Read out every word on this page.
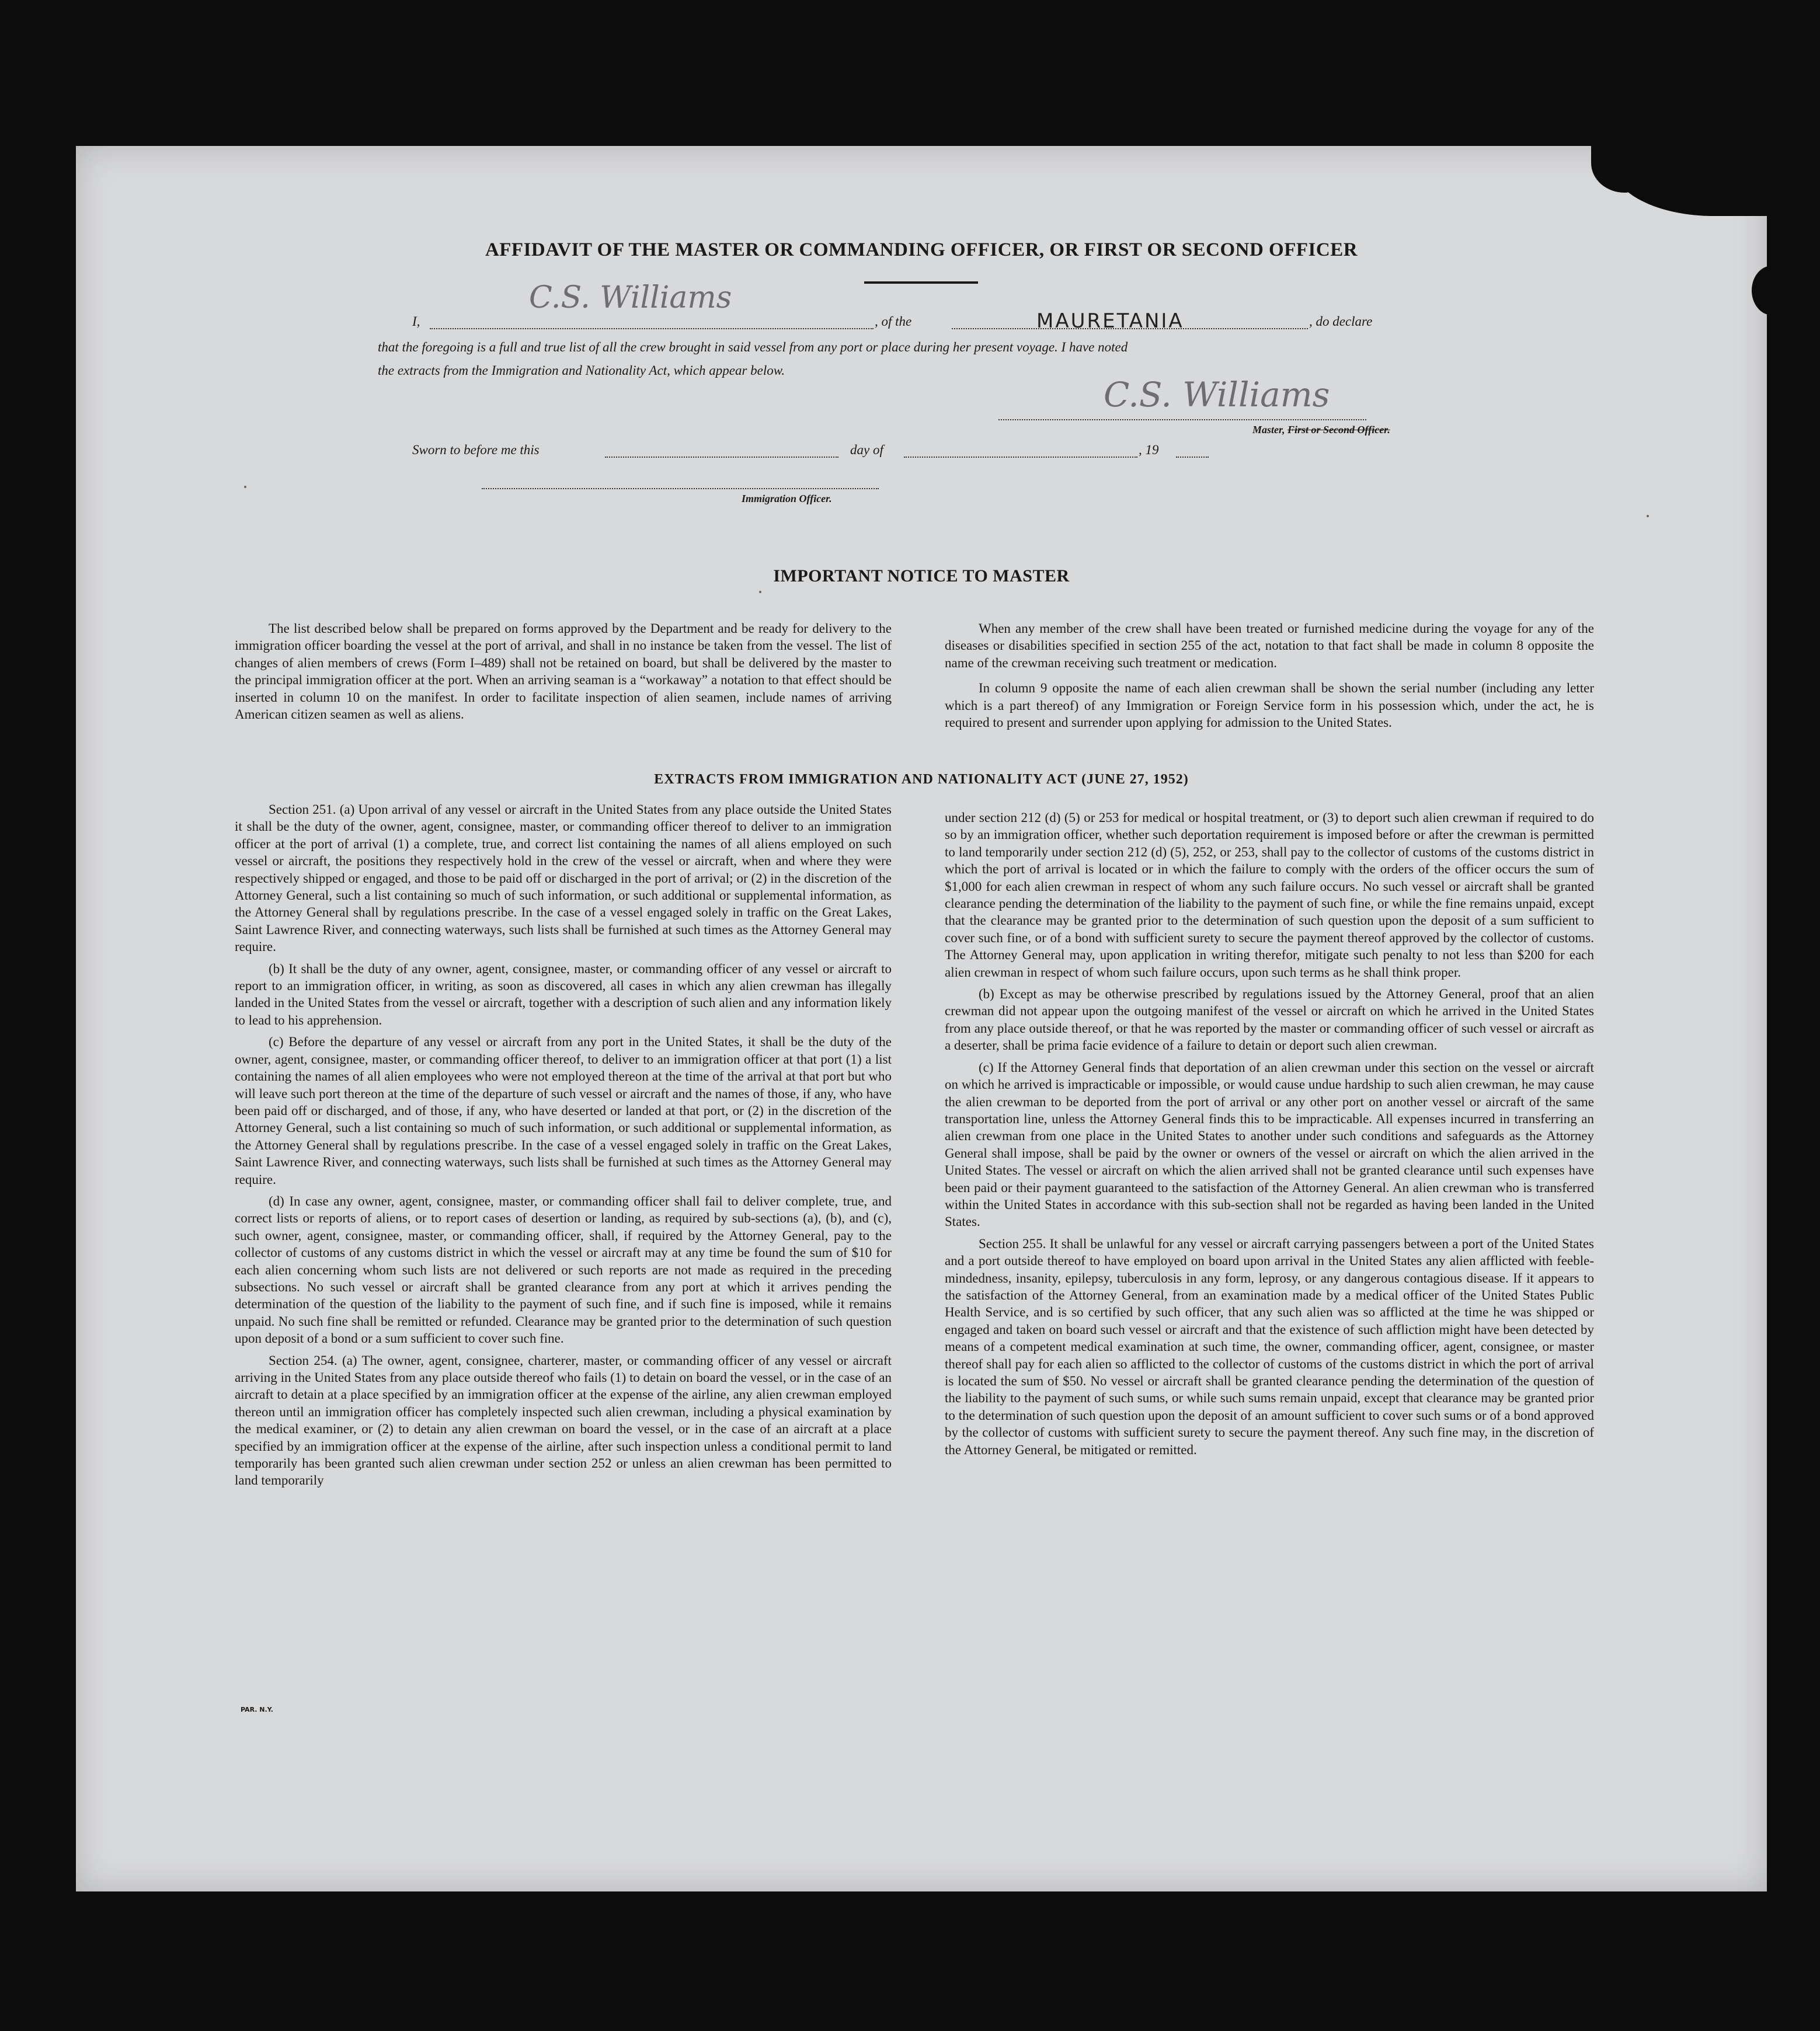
AFFIDAVIT OF THE MASTER OR COMMANDING OFFICER, OR FIRST OR SECOND OFFICER
I,
C.S. Williams
, of the	MAURETANIA	, do declare
that the foregoing is a full and true list of all the crew brought in said vessel from any port or place during her present voyage. I have noted
the extracts from the Immigration and Nationality Act, which appear below.
C.S. Williams
Master, First or Second Officer.
Sworn to before me this	day of	, 19
Immigration Officer.
IMPORTANT NOTICE TO MASTER

The list described below shall be prepared on forms approved by the Department and be ready for delivery to the immigration officer boarding the vessel at the port of arrival, and shall in no instance be taken from the vessel. The list of changes of alien members of crews (Form I–489) shall not be retained on board, but shall be delivered by the master to the principal immigration officer at the port. When an arriving seaman is a “workaway” a notation to that effect should be inserted in column 10 on the manifest. In order to facilitate inspection of alien seamen, include names of arriving American citizen seamen as well as aliens.

When any member of the crew shall have been treated or furnished medicine during the voyage for any of the diseases or disabilities specified in section 255 of the act, notation to that fact shall be made in column 8 opposite the name of the crewman receiving such treatment or medication.

In column 9 opposite the name of each alien crewman shall be shown the serial number (including any letter which is a part thereof) of any Immigration or Foreign Service form in his possession which, under the act, he is required to present and surrender upon applying for admission to the United States.

EXTRACTS FROM IMMIGRATION AND NATIONALITY ACT (JUNE 27, 1952)

Section 251. (a) Upon arrival of any vessel or aircraft in the United States from any place outside the United States it shall be the duty of the owner, agent, consignee, master, or commanding officer thereof to deliver to an immigration officer at the port of arrival (1) a complete, true, and correct list containing the names of all aliens employed on such vessel or aircraft, the positions they respectively hold in the crew of the vessel or aircraft, when and where they were respectively shipped or engaged, and those to be paid off or discharged in the port of arrival; or (2) in the discretion of the Attorney General, such a list containing so much of such information, or such additional or supplemental information, as the Attorney General shall by regulations prescribe. In the case of a vessel engaged solely in traffic on the Great Lakes, Saint Lawrence River, and connecting waterways, such lists shall be furnished at such times as the Attorney General may require.

(b) It shall be the duty of any owner, agent, consignee, master, or commanding officer of any vessel or aircraft to report to an immigration officer, in writing, as soon as discovered, all cases in which any alien crewman has illegally landed in the United States from the vessel or aircraft, together with a description of such alien and any information likely to lead to his apprehension.

(c) Before the departure of any vessel or aircraft from any port in the United States, it shall be the duty of the owner, agent, consignee, master, or commanding officer thereof, to deliver to an immigration officer at that port (1) a list containing the names of all alien employees who were not employed thereon at the time of the arrival at that port but who will leave such port thereon at the time of the departure of such vessel or aircraft and the names of those, if any, who have been paid off or discharged, and of those, if any, who have deserted or landed at that port, or (2) in the discretion of the Attorney General, such a list containing so much of such information, or such additional or supplemental information, as the Attorney General shall by regulations prescribe. In the case of a vessel engaged solely in traffic on the Great Lakes, Saint Lawrence River, and connecting waterways, such lists shall be furnished at such times as the Attorney General may require.

(d) In case any owner, agent, consignee, master, or commanding officer shall fail to deliver complete, true, and correct lists or reports of aliens, or to report cases of desertion or landing, as required by sub-sections (a), (b), and (c), such owner, agent, consignee, master, or commanding officer, shall, if required by the Attorney General, pay to the collector of customs of any customs district in which the vessel or aircraft may at any time be found the sum of $10 for each alien concerning whom such lists are not delivered or such reports are not made as required in the preceding subsections. No such vessel or aircraft shall be granted clearance from any port at which it arrives pending the determination of the question of the liability to the payment of such fine, and if such fine is imposed, while it remains unpaid. No such fine shall be remitted or refunded. Clearance may be granted prior to the determination of such question upon deposit of a bond or a sum sufficient to cover such fine.

Section 254. (a) The owner, agent, consignee, charterer, master, or commanding officer of any vessel or aircraft arriving in the United States from any place outside thereof who fails (1) to detain on board the vessel, or in the case of an aircraft to detain at a place specified by an immigration officer at the expense of the airline, any alien crewman employed thereon until an immigration officer has completely inspected such alien crewman, including a physical examination by the medical examiner, or (2) to detain any alien crewman on board the vessel, or in the case of an aircraft at a place specified by an immigration officer at the expense of the airline, after such inspection unless a conditional permit to land temporarily has been granted such alien crewman under section 252 or unless an alien crewman has been permitted to land temporarily

under section 212 (d) (5) or 253 for medical or hospital treatment, or (3) to deport such alien crewman if required to do so by an immigration officer, whether such deportation requirement is imposed before or after the crewman is permitted to land temporarily under section 212 (d) (5), 252, or 253, shall pay to the collector of customs of the customs district in which the port of arrival is located or in which the failure to comply with the orders of the officer occurs the sum of $1,000 for each alien crewman in respect of whom any such failure occurs. No such vessel or aircraft shall be granted clearance pending the determination of the liability to the payment of such fine, or while the fine remains unpaid, except that the clearance may be granted prior to the determination of such question upon the deposit of a sum sufficient to cover such fine, or of a bond with sufficient surety to secure the payment thereof approved by the collector of customs. The Attorney General may, upon application in writing therefor, mitigate such penalty to not less than $200 for each alien crewman in respect of whom such failure occurs, upon such terms as he shall think proper.

(b) Except as may be otherwise prescribed by regulations issued by the Attorney General, proof that an alien crewman did not appear upon the outgoing manifest of the vessel or aircraft on which he arrived in the United States from any place outside thereof, or that he was reported by the master or commanding officer of such vessel or aircraft as a deserter, shall be prima facie evidence of a failure to detain or deport such alien crewman.

(c) If the Attorney General finds that deportation of an alien crewman under this section on the vessel or aircraft on which he arrived is impracticable or impossible, or would cause undue hardship to such alien crewman, he may cause the alien crewman to be deported from the port of arrival or any other port on another vessel or aircraft of the same transportation line, unless the Attorney General finds this to be impracticable. All expenses incurred in transferring an alien crewman from one place in the United States to another under such conditions and safeguards as the Attorney General shall impose, shall be paid by the owner or owners of the vessel or aircraft on which the alien arrived in the United States. The vessel or aircraft on which the alien arrived shall not be granted clearance until such expenses have been paid or their payment guaranteed to the satisfaction of the Attorney General. An alien crewman who is transferred within the United States in accordance with this sub-section shall not be regarded as having been landed in the United States.

Section 255. It shall be unlawful for any vessel or aircraft carrying passengers between a port of the United States and a port outside thereof to have employed on board upon arrival in the United States any alien afflicted with feeble-mindedness, insanity, epilepsy, tuberculosis in any form, leprosy, or any dangerous contagious disease. If it appears to the satisfaction of the Attorney General, from an examination made by a medical officer of the United States Public Health Service, and is so certified by such officer, that any such alien was so afflicted at the time he was shipped or engaged and taken on board such vessel or aircraft and that the existence of such affliction might have been detected by means of a competent medical examination at such time, the owner, commanding officer, agent, consignee, or master thereof shall pay for each alien so afflicted to the collector of customs of the customs district in which the port of arrival is located the sum of $50. No vessel or aircraft shall be granted clearance pending the determination of the question of the liability to the payment of such sums, or while such sums remain unpaid, except that clearance may be granted prior to the determination of such question upon the deposit of an amount sufficient to cover such sums or of a bond approved by the collector of customs with sufficient surety to secure the payment thereof. Any such fine may, in the discretion of the Attorney General, be mitigated or remitted.

PAR. N.Y.
